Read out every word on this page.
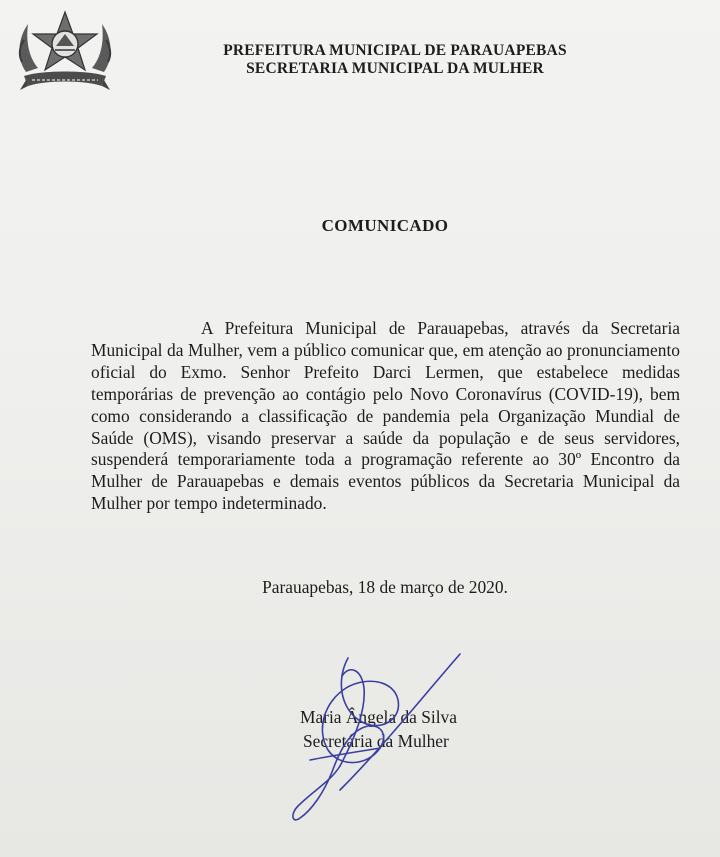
PREFEITURA MUNICIPAL DE PARAUAPEBAS
SECRETARIA MUNICIPAL DA MULHER
COMUNICADO
A Prefeitura Municipal de Parauapebas, através da Secretaria Municipal da Mulher, vem a público comunicar que, em atenção ao pronunciamento oficial do Exmo. Senhor Prefeito Darci Lermen, que estabelece medidas temporárias de prevenção ao contágio pelo Novo Coronavírus (COVID-19), bem como considerando a classificação de pandemia pela Organização Mundial de Saúde (OMS), visando preservar a saúde da população e de seus servidores, suspenderá temporariamente toda a programação referente ao 30º Encontro da Mulher de Parauapebas e demais eventos públicos da Secretaria Municipal da Mulher por tempo indeterminado.
Parauapebas, 18 de março de 2020.
Maria Ângela da Silva
Secretária da Mulher
